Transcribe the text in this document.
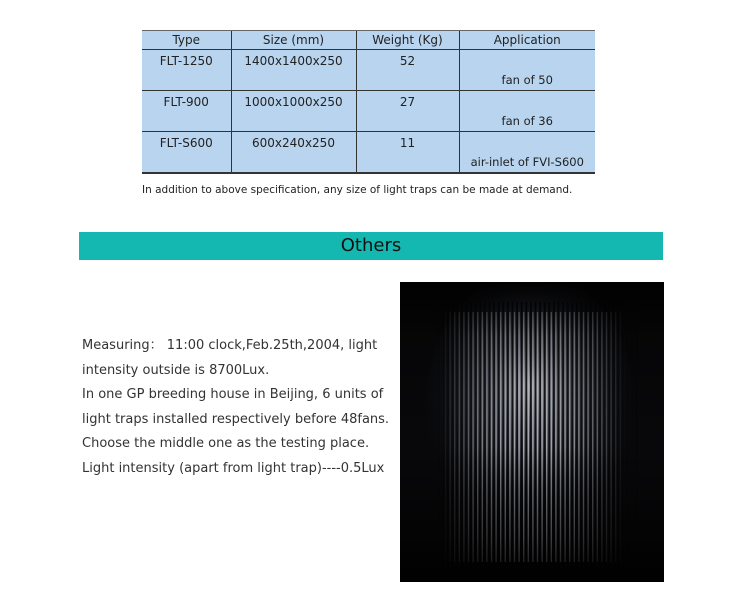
Type	Size (mm)	Weight (Kg)	Application
FLT-1250	1400x1400x250	52	fan of 50
FLT-900	1000x1000x250	27	fan of 36
FLT-S600	600x240x250	11	air-inlet of FVI-S600
In addition to above specification, any size of light traps can be made at demand.
Others

Measuring： 11:00 clock,Feb.25th,2004, light

intensity outside is 8700Lux.

In one GP breeding house in Beijing, 6 units of

light traps installed respectively before 48fans.

Choose the middle one as the testing place.

Light intensity (apart from light trap)----0.5Lux
